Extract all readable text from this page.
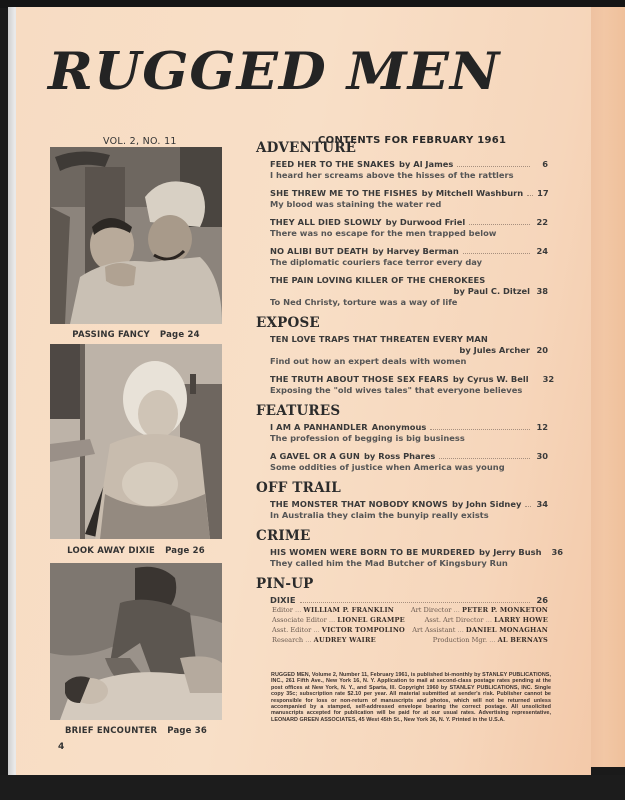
RUGGED MEN
VOL. 2, NO. 11	CONTENTS FOR FEBRUARY 1961
PASSING FANCY Page 24
LOOK AWAY DIXIE Page 26
BRIEF ENCOUNTER Page 36
4
ADVENTURE
FEED HER TO THE SNAKES by Al James	6
I heard her screams above the hisses of the rattlers
SHE THREW ME TO THE FISHES by Mitchell Washburn 17
My blood was staining the water red
THEY ALL DIED SLOWLY by Durwood Friel	22
There was no escape for the men trapped below
NO ALIBI BUT DEATH by Harvey Berman	24
The diplomatic couriers face terror every day
THE PAIN LOVING KILLER OF THE CHEROKEES
by Paul C. Ditzel 38
To Ned Christy, torture was a way of life
EXPOSE
TEN LOVE TRAPS THAT THREATEN EVERY MAN
by Jules Archer 20
Find out how an expert deals with women
THE TRUTH ABOUT THOSE SEX FEARS by Cyrus W. Bell 32
Exposing the "old wives tales" that everyone believes
FEATURES
I AM A PANHANDLER Anonymous	12
The profession of begging is big business
A GAVEL OR A GUN by Ross Phares	30
Some oddities of justice when America was young
OFF TRAIL
THE MONSTER THAT NOBODY KNOWS by John Sidney 34
In Australia they claim the bunyip really exists
CRIME
HIS WOMEN WERE BORN TO BE MURDERED by Jerry Bush 36
They called him the Mad Butcher of Kingsbury Run
PIN-UP
DIXIE	26
Editor ... WILLIAM P. FRANKLIN	Art Director ... PETER P. MONKETON
Associate Editor ... LIONEL GRAMPE	Asst. Art Director ... LARRY HOWE
Asst. Editor ... VICTOR TOMPOLINO Art Assistant ... DANIEL MONAGHAN
Research ... AUDREY WAIRE	Production Mgr. ... AL BERNAYS
RUGGED MEN, Volume 2, Number 11, February 1961, is published bi-monthly by STANLEY PUBLICATIONS, INC., 261 Fifth Ave., New York 16, N. Y. Application to mail at second-class postage rates pending at the post offices at New York, N. Y., and Sparta, Ill. Copyright 1960 by STANLEY PUBLICATIONS, INC. Single copy 35c; subscription rate $2.10 per year. All material submitted at sender's risk. Publisher cannot be responsible for loss or non-return of manuscripts and photos, which will not be returned unless accompanied by a stamped, self-addressed envelope bearing the correct postage. All unsolicited manuscripts accepted for publication will be paid for at our usual rates. Advertising representative, LEONARD GREEN ASSOCIATES, 45 West 45th St., New York 36, N. Y. Printed in the U.S.A.
